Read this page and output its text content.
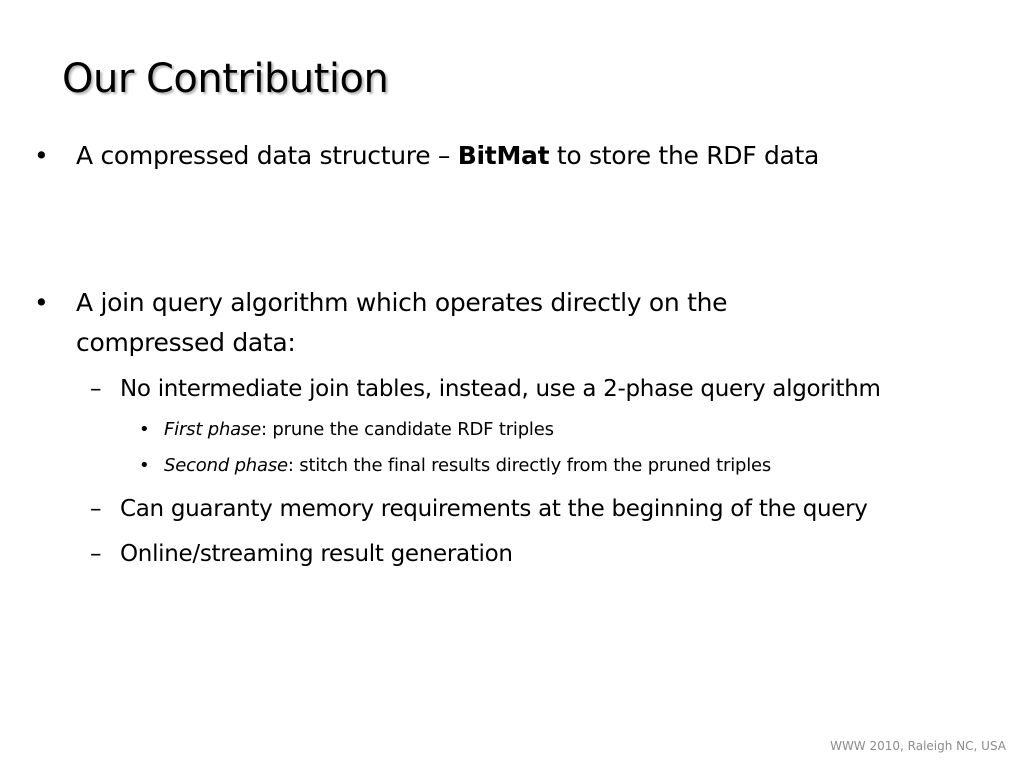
Our Contribution
• A compressed data structure – BitMat to store the RDF data
• A join query algorithm which operates directly on the
compressed data:
– No intermediate join tables, instead, use a 2-phase query algorithm
• First phase: prune the candidate RDF triples
• Second phase: stitch the final results directly from the pruned triples
– Can guaranty memory requirements at the beginning of the query
– Online/streaming result generation
WWW 2010, Raleigh NC, USA
